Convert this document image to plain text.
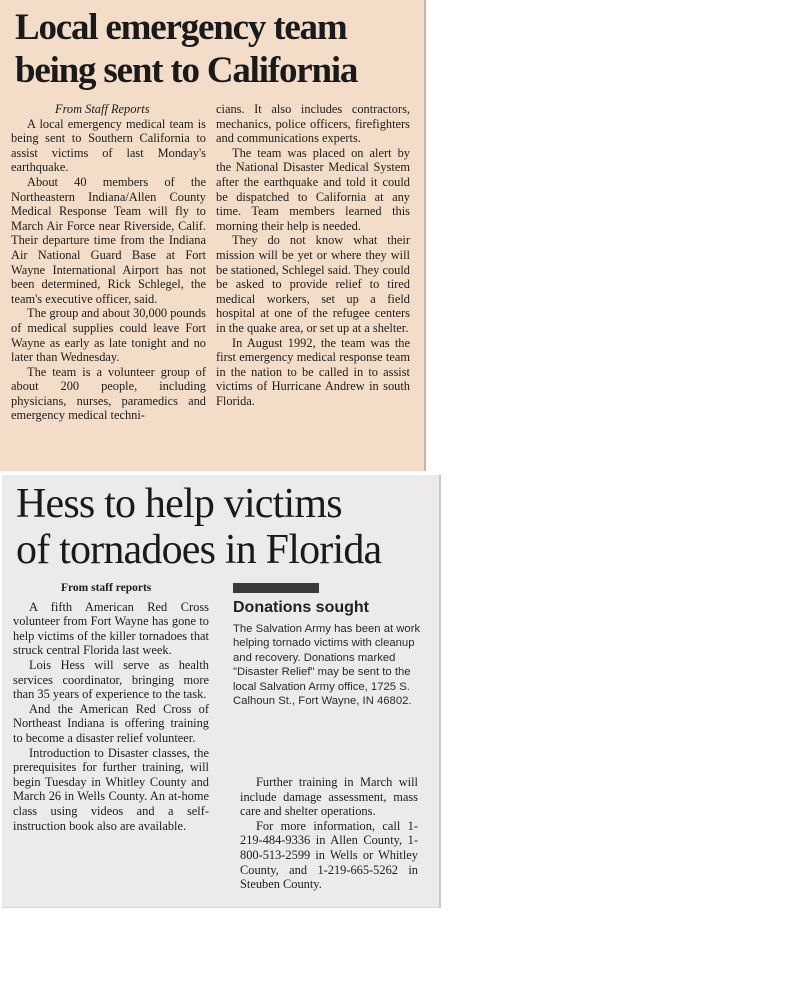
Local emergency team
being sent to California

From Staff Reports

A local emergency medical team is being sent to Southern California to assist victims of last Monday's earthquake.

About 40 members of the Northeastern Indiana/Allen County Medical Response Team will fly to March Air Force near Riverside, Calif. Their departure time from the Indiana Air National Guard Base at Fort Wayne International Airport has not been determined, Rick Schlegel, the team's executive officer, said.

The group and about 30,000 pounds of medical supplies could leave Fort Wayne as early as late tonight and no later than Wednesday.

The team is a volunteer group of about 200 people, including physicians, nurses, paramedics and emergency medical techni-

cians. It also includes contractors, mechanics, police officers, firefighters and communications experts.

The team was placed on alert by the National Disaster Medical System after the earthquake and told it could be dispatched to California at any time. Team members learned this morning their help is needed.

They do not know what their mission will be yet or where they will be stationed, Schlegel said. They could be asked to provide relief to tired medical workers, set up a field hospital at one of the refugee centers in the quake area, or set up at a shelter.

In August 1992, the team was the first emergency medical response team in the nation to be called in to assist victims of Hurricane Andrew in south Florida.

Hess to help victims
of tornadoes in Florida

From staff reports

A fifth American Red Cross volunteer from Fort Wayne has gone to help victims of the killer tornadoes that struck central Florida last week.

Lois Hess will serve as health services coordinator, bringing more than 35 years of experience to the task.

And the American Red Cross of Northeast Indiana is offering training to become a disaster relief volunteer.

Introduction to Disaster classes, the prerequisites for further training, will begin Tuesday in Whitley County and March 26 in Wells County. An at-home class using videos and a self-instruction book also are available.

Donations sought

The Salvation Army has been at work helping tornado victims with cleanup and recovery. Donations marked "Disaster Relief" may be sent to the local Salvation Army office, 1725 S. Calhoun St., Fort Wayne, IN 46802.

Further training in March will include damage assessment, mass care and shelter operations.

For more information, call 1-219-484-9336 in Allen County, 1-800-513-2599 in Wells or Whitley County, and 1-219-665-5262 in Steuben County.
